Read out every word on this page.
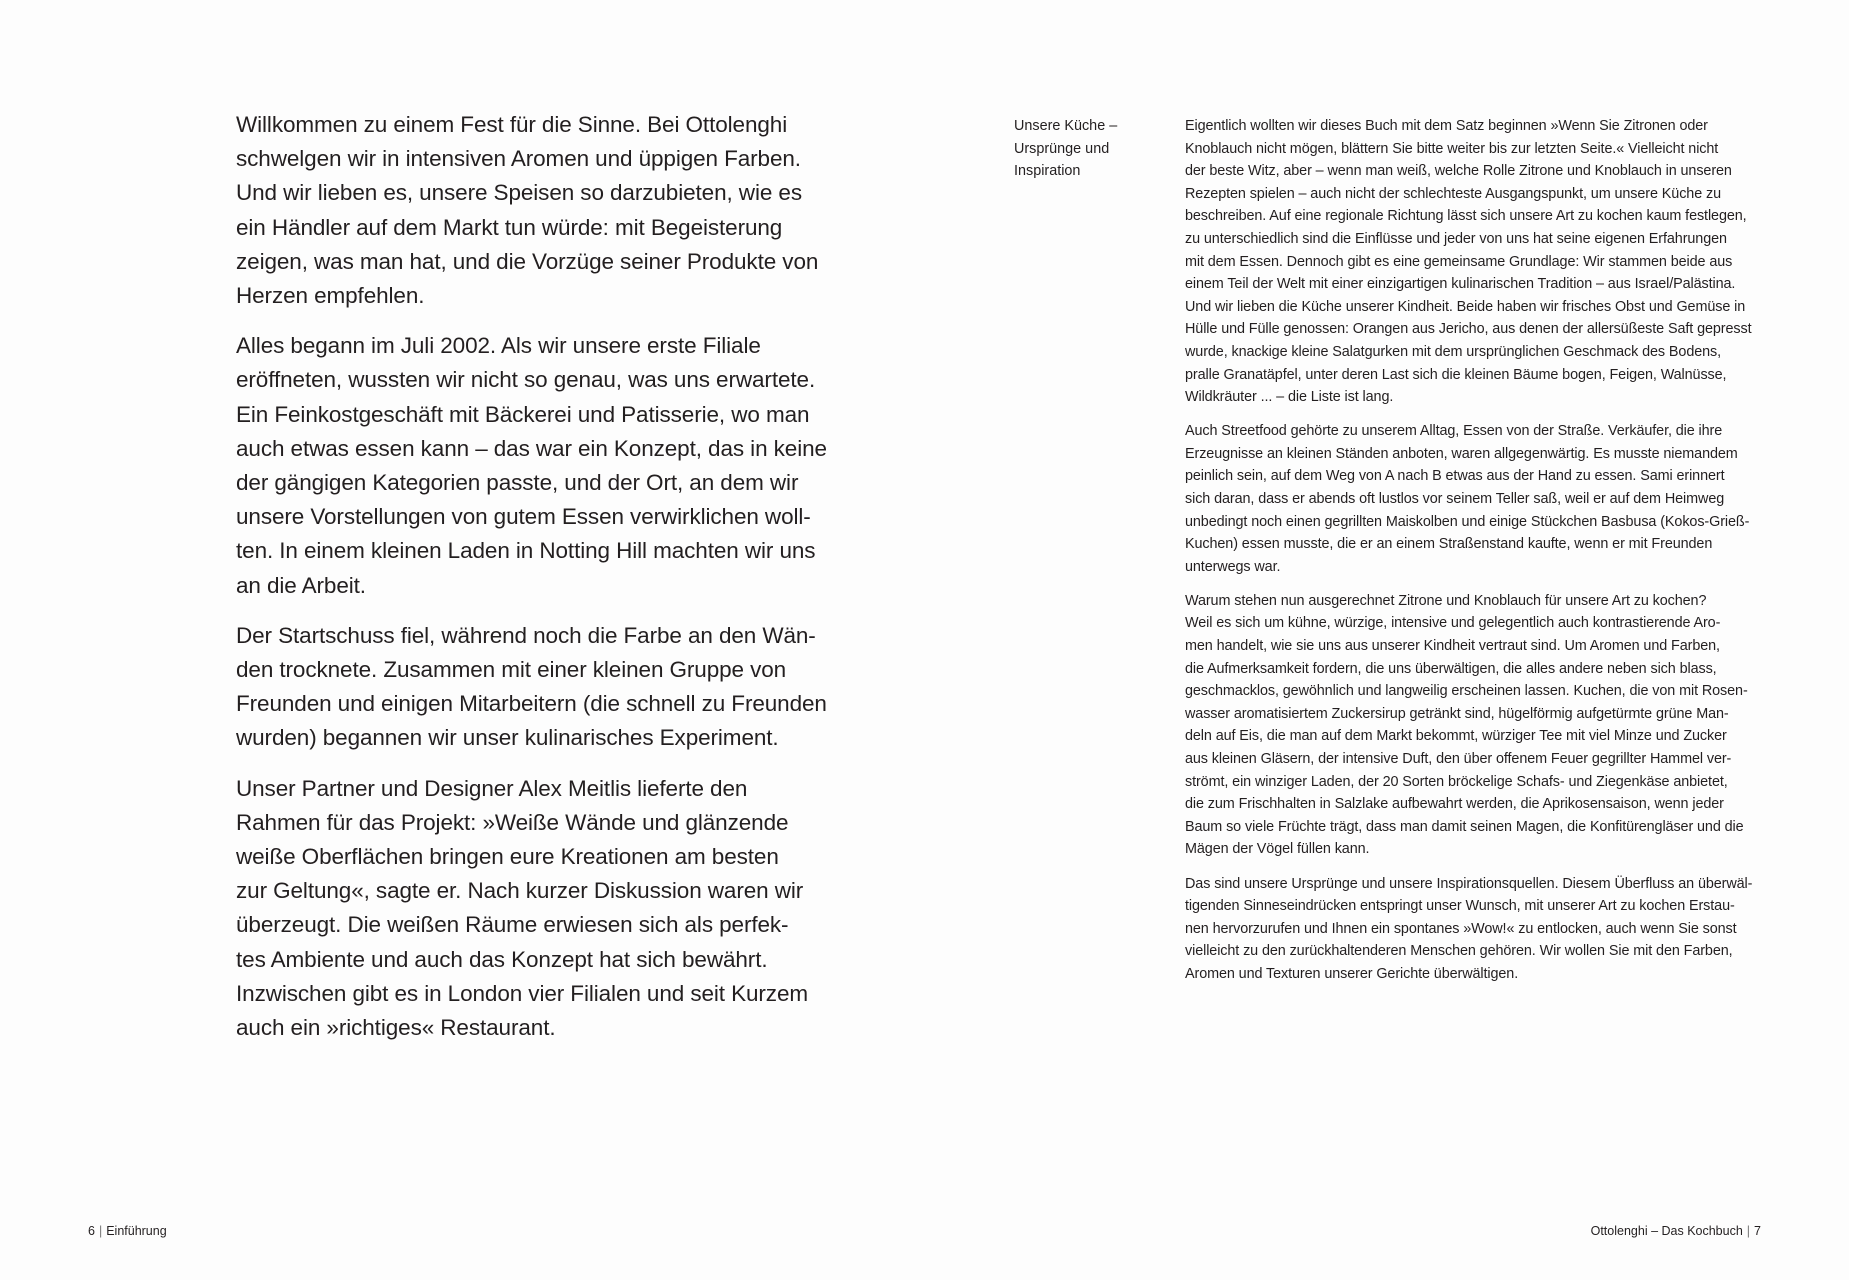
Willkommen zu einem Fest für die Sinne. Bei Ottolenghi
schwelgen wir in intensiven Aromen und üppigen Farben.
Und wir lieben es, unsere Speisen so darzubieten, wie es
ein Händler auf dem Markt tun würde: mit Begeisterung
zeigen, was man hat, und die Vorzüge seiner Produkte von
Herzen empfehlen.

Alles begann im Juli 2002. Als wir unsere erste Filiale
eröffneten, wussten wir nicht so genau, was uns erwartete.
Ein Feinkostgeschäft mit Bäckerei und Patisserie, wo man
auch etwas essen kann – das war ein Konzept, das in keine
der gängigen Kategorien passte, und der Ort, an dem wir
unsere Vorstellungen von gutem Essen verwirklichen woll-
ten. In einem kleinen Laden in Notting Hill machten wir uns
an die Arbeit.

Der Startschuss fiel, während noch die Farbe an den Wän-
den trocknete. Zusammen mit einer kleinen Gruppe von
Freunden und einigen Mitarbeitern (die schnell zu Freunden
wurden) begannen wir unser kulinarisches Experiment.

Unser Partner und Designer Alex Meitlis lieferte den
Rahmen für das Projekt: »Weiße Wände und glänzende
weiße Oberflächen bringen eure Kreationen am besten
zur Geltung«, sagte er. Nach kurzer Diskussion waren wir
überzeugt. Die weißen Räume erwiesen sich als perfek-
tes Ambiente und auch das Konzept hat sich bewährt.
Inzwischen gibt es in London vier Filialen und seit Kurzem
auch ein »richtiges« Restaurant.

6 | Einführung
Unsere Küche –
Ursprünge und
Inspiration

Eigentlich wollten wir dieses Buch mit dem Satz beginnen »Wenn Sie Zitronen oder
Knoblauch nicht mögen, blättern Sie bitte weiter bis zur letzten Seite.« Vielleicht nicht
der beste Witz, aber – wenn man weiß, welche Rolle Zitrone und Knoblauch in unseren
Rezepten spielen – auch nicht der schlechteste Ausgangspunkt, um unsere Küche zu
beschreiben. Auf eine regionale Richtung lässt sich unsere Art zu kochen kaum festlegen,
zu unterschiedlich sind die Einflüsse und jeder von uns hat seine eigenen Erfahrungen
mit dem Essen. Dennoch gibt es eine gemeinsame Grundlage: Wir stammen beide aus
einem Teil der Welt mit einer einzigartigen kulinarischen Tradition – aus Israel/Palästina.
Und wir lieben die Küche unserer Kindheit. Beide haben wir frisches Obst und Gemüse in
Hülle und Fülle genossen: Orangen aus Jericho, aus denen der allersüßeste Saft gepresst
wurde, knackige kleine Salatgurken mit dem ursprünglichen Geschmack des Bodens,
pralle Granatäpfel, unter deren Last sich die kleinen Bäume bogen, Feigen, Walnüsse,
Wildkräuter ... – die Liste ist lang.

Auch Streetfood gehörte zu unserem Alltag, Essen von der Straße. Verkäufer, die ihre
Erzeugnisse an kleinen Ständen anboten, waren allgegenwärtig. Es musste niemandem
peinlich sein, auf dem Weg von A nach B etwas aus der Hand zu essen. Sami erinnert
sich daran, dass er abends oft lustlos vor seinem Teller saß, weil er auf dem Heimweg
unbedingt noch einen gegrillten Maiskolben und einige Stückchen Basbusa (Kokos-Grieß-
Kuchen) essen musste, die er an einem Straßenstand kaufte, wenn er mit Freunden
unterwegs war.

Warum stehen nun ausgerechnet Zitrone und Knoblauch für unsere Art zu kochen?
Weil es sich um kühne, würzige, intensive und gelegentlich auch kontrastierende Aro-
men handelt, wie sie uns aus unserer Kindheit vertraut sind. Um Aromen und Farben,
die Aufmerksamkeit fordern, die uns überwältigen, die alles andere neben sich blass,
geschmacklos, gewöhnlich und langweilig erscheinen lassen. Kuchen, die von mit Rosen-
wasser aromatisiertem Zuckersirup getränkt sind, hügelförmig aufgetürmte grüne Man-
deln auf Eis, die man auf dem Markt bekommt, würziger Tee mit viel Minze und Zucker
aus kleinen Gläsern, der intensive Duft, den über offenem Feuer gegrillter Hammel ver-
strömt, ein winziger Laden, der 20 Sorten bröckelige Schafs- und Ziegenkäse anbietet,
die zum Frischhalten in Salzlake aufbewahrt werden, die Aprikosensaison, wenn jeder
Baum so viele Früchte trägt, dass man damit seinen Magen, die Konfitürengläser und die
Mägen der Vögel füllen kann.

Das sind unsere Ursprünge und unsere Inspirationsquellen. Diesem Überfluss an überwäl-
tigenden Sinneseindrücken entspringt unser Wunsch, mit unserer Art zu kochen Erstau-
nen hervorzurufen und Ihnen ein spontanes »Wow!« zu entlocken, auch wenn Sie sonst
vielleicht zu den zurückhaltenderen Menschen gehören. Wir wollen Sie mit den Farben,
Aromen und Texturen unserer Gerichte überwältigen.

Ottolenghi – Das Kochbuch | 7
